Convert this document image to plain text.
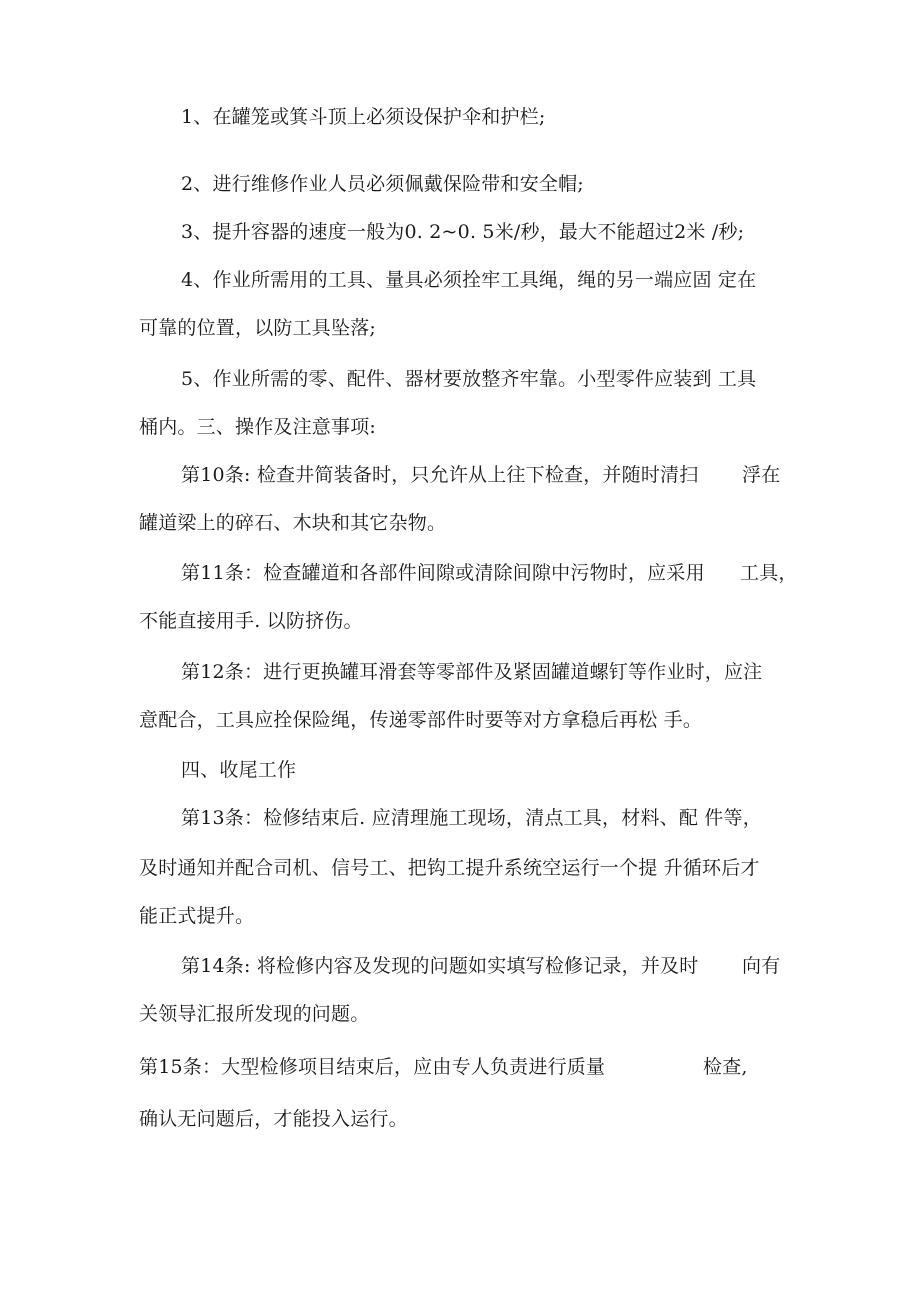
1、在罐笼或箕斗顶上必须设保护伞和护栏;
2、进行维修作业人员必须佩戴保险带和安全帽;
3、提升容器的速度一般为0. 2~0. 5米/秒，最大不能超过2米 /秒;
4、作业所需用的工具、量具必须拴牢工具绳，绳的另一端应固 定在
可靠的位置，以防工具坠落;
5、作业所需的零、配件、器材要放整齐牢靠。小型零件应装到 工具
桶内。三、操作及注意事项:
第10条: 检查井简装备时，只允许从上往下检查，并随时清扫 浮在
罐道梁上的碎石、木块和其它杂物。
第11条：检查罐道和各部件间隙或清除间隙中污物时，应采用 工具，
不能直接用手. 以防挤伤。
第12条：进行更换罐耳滑套等零部件及紧固罐道螺钉等作业时，应注
意配合，工具应拴保险绳，传递零部件时要等对方拿稳后再松 手。
四、收尾工作
第13条：检修结束后. 应清理施工现场，清点工具，材料、配 件等，
及时通知并配合司机、信号工、把钩工提升系统空运行一个提 升循环后才
能正式提升。
第14条: 将检修内容及发现的问题如实填写检修记录，并及时 向有
关领导汇报所发现的问题。
第15条：大型检修项目结束后，应由专人负责进行质量	检查,
确认无问题后，才能投入运行。
